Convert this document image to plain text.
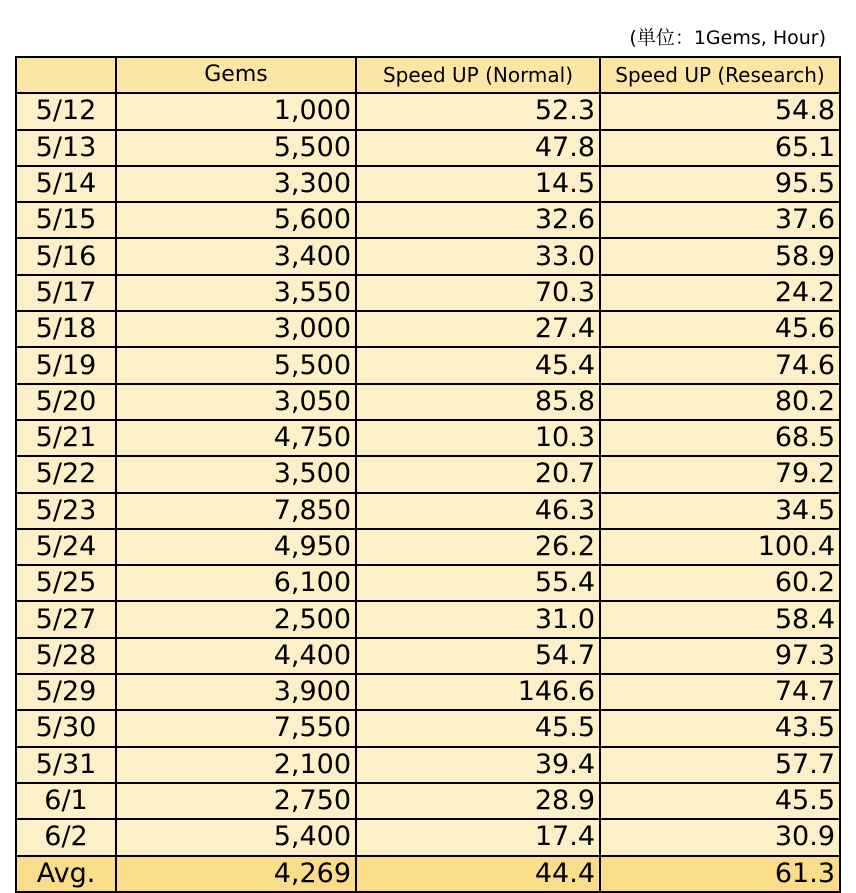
(単位：1Gems, Hour)
	Gems	Speed UP (Normal)	Speed UP (Research)
5/12	1,000	52.3	54.8
5/13	5,500	47.8	65.1
5/14	3,300	14.5	95.5
5/15	5,600	32.6	37.6
5/16	3,400	33.0	58.9
5/17	3,550	70.3	24.2
5/18	3,000	27.4	45.6
5/19	5,500	45.4	74.6
5/20	3,050	85.8	80.2
5/21	4,750	10.3	68.5
5/22	3,500	20.7	79.2
5/23	7,850	46.3	34.5
5/24	4,950	26.2	100.4
5/25	6,100	55.4	60.2
5/27	2,500	31.0	58.4
5/28	4,400	54.7	97.3
5/29	3,900	146.6	74.7
5/30	7,550	45.5	43.5
5/31	2,100	39.4	57.7
6/1	2,750	28.9	45.5
6/2	5,400	17.4	30.9
Avg.	4,269	44.4	61.3
